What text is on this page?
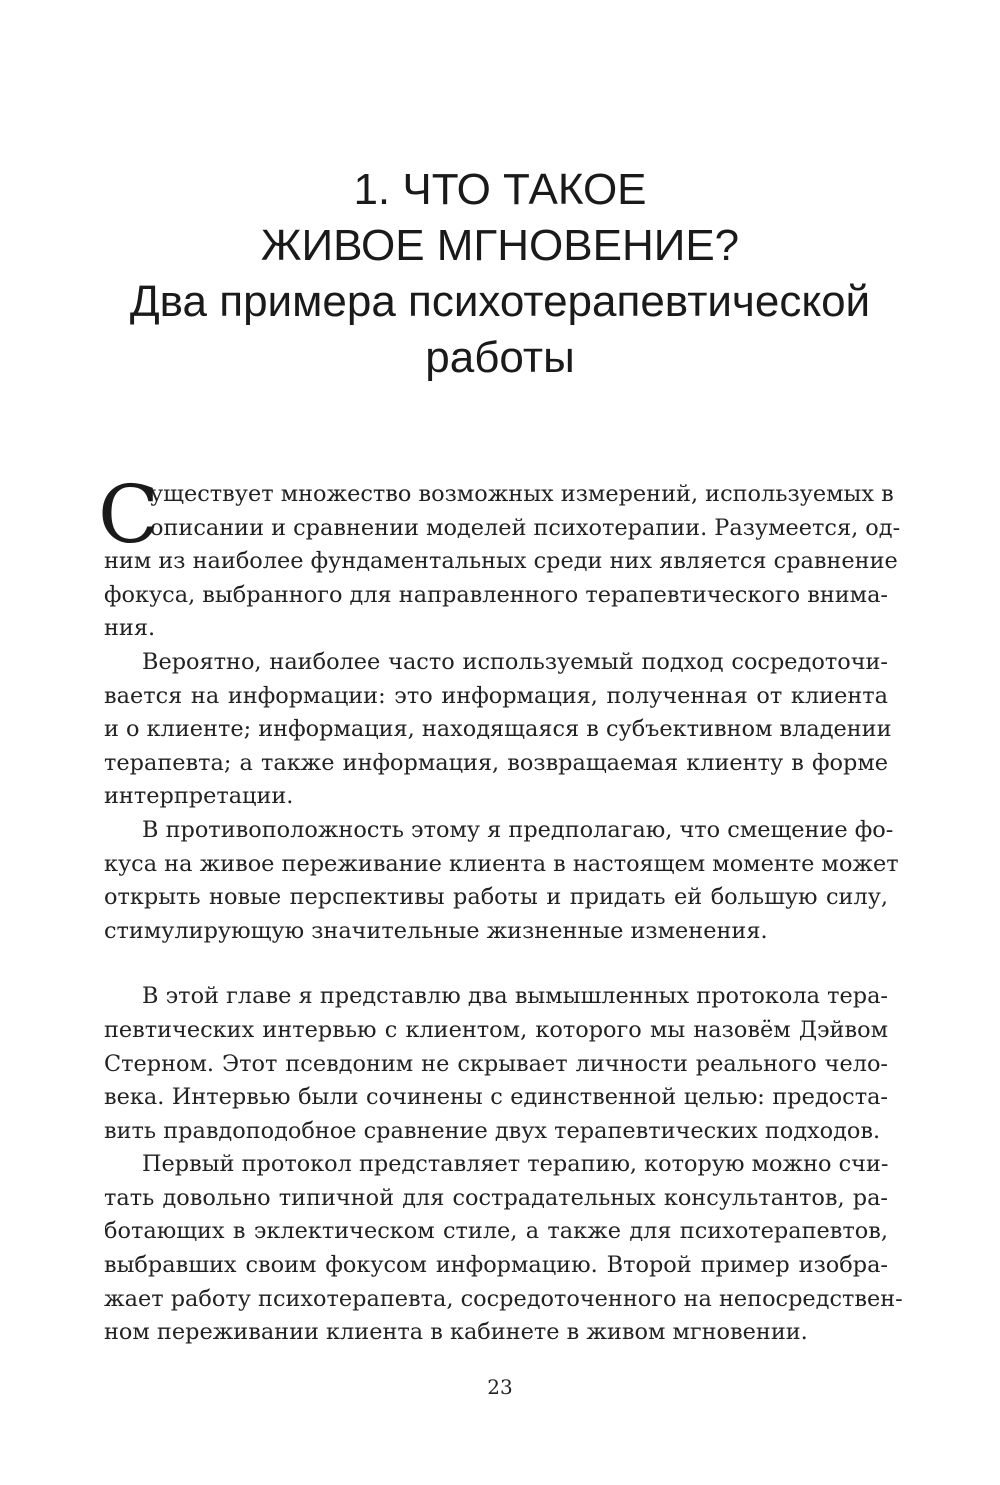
1. ЧТО ТАКОЕ
ЖИВОЕ МГНОВЕНИЕ?
Два примера психотерапевтической
работы
С
уществует множество возможных измерений, используемых в
описании и сравнении моделей психотерапии. Разумеется, од-
ним из наиболее фундаментальных среди них является сравнение
фокуса, выбранного для направленного терапевтического внима-
ния.
Вероятно, наиболее часто используемый подход сосредоточи-
вается на информации: это информация, полученная от клиента
и о клиенте; информация, находящаяся в субъективном владении
терапевта; а также информация, возвращаемая клиенту в форме
интерпретации.
В противоположность этому я предполагаю, что смещение фо-
куса на живое переживание клиента в настоящем моменте может
открыть новые перспективы работы и придать ей большую силу,
стимулирующую значительные жизненные изменения.
В этой главе я представлю два вымышленных протокола тера-
певтических интервью с клиентом, которого мы назовём Дэйвом
Стерном. Этот псевдоним не скрывает личности реального чело-
века. Интервью были сочинены с единственной целью: предоста-
вить правдоподобное сравнение двух терапевтических подходов.
Первый протокол представляет терапию, которую можно счи-
тать довольно типичной для сострадательных консультантов, ра-
ботающих в эклектическом стиле, а также для психотерапевтов,
выбравших своим фокусом информацию. Второй пример изобра-
жает работу психотерапевта, сосредоточенного на непосредствен-
ном переживании клиента в кабинете в живом мгновении.
23
